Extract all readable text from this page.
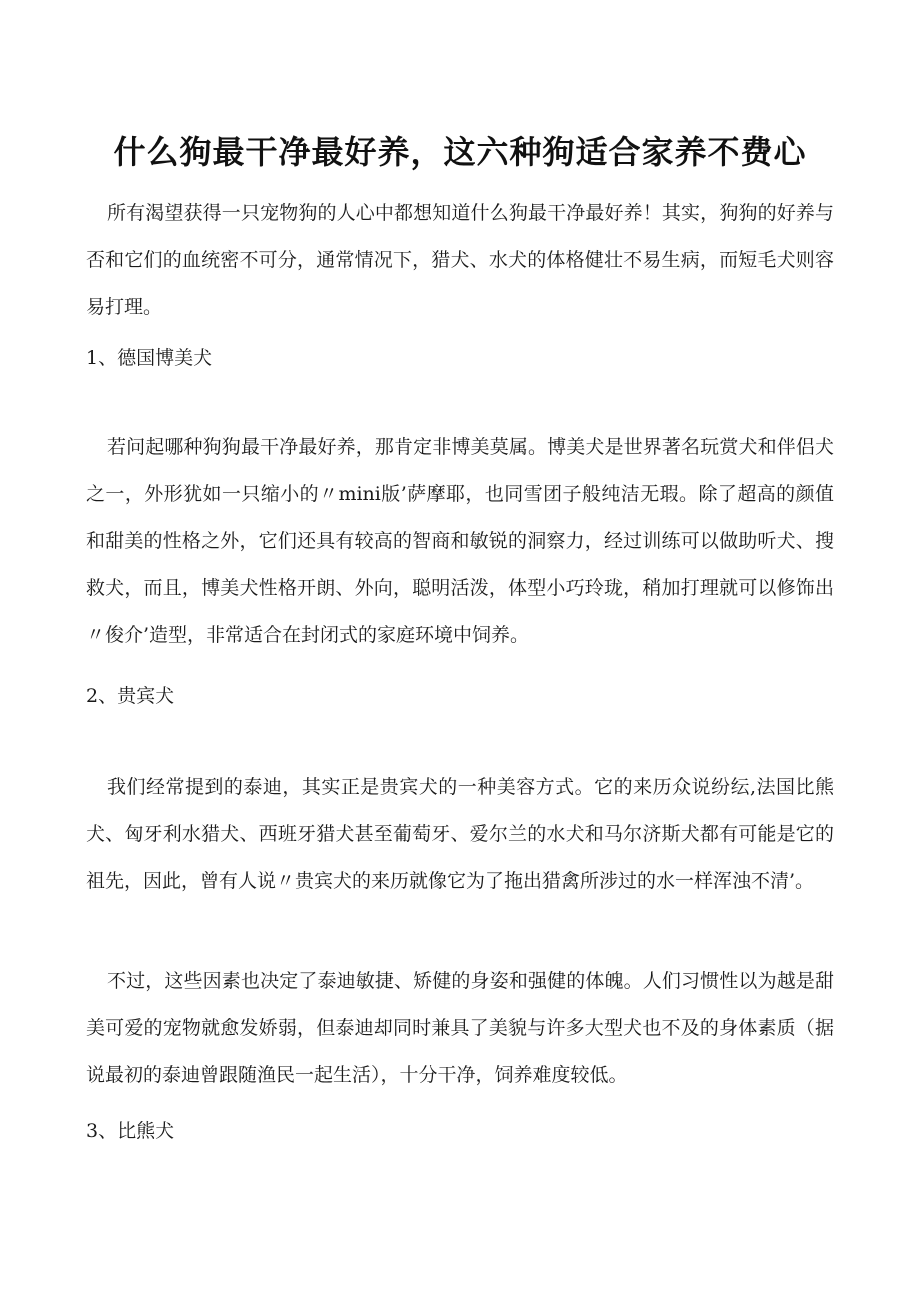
什么狗最干净最好养，这六种狗适合家养不费心

所有渴望获得一只宠物狗的人心中都想知道什么狗最干净最好养！其实，狗狗的好养与否和它们的血统密不可分，通常情况下，猎犬、水犬的体格健壮不易生病，而短毛犬则容易打理。

1、德国博美犬

若问起哪种狗狗最干净最好养，那肯定非博美莫属。博美犬是世界著名玩赏犬和伴侣犬之一，外形犹如一只缩小的〃mini版’萨摩耶，也同雪团子般纯洁无瑕。除了超高的颜值和甜美的性格之外，它们还具有较高的智商和敏锐的洞察力，经过训练可以做助听犬、搜救犬，而且，博美犬性格开朗、外向，聪明活泼，体型小巧玲珑，稍加打理就可以修饰出〃俊介’造型，非常适合在封闭式的家庭环境中饲养。

2、贵宾犬

我们经常提到的泰迪，其实正是贵宾犬的一种美容方式。它的来历众说纷纭,法国比熊犬、匈牙利水猎犬、西班牙猎犬甚至葡萄牙、爱尔兰的水犬和马尔济斯犬都有可能是它的祖先，因此，曾有人说〃贵宾犬的来历就像它为了拖出猎禽所涉过的水一样浑浊不清’。

不过，这些因素也决定了泰迪敏捷、矫健的身姿和强健的体魄。人们习惯性以为越是甜美可爱的宠物就愈发娇弱，但泰迪却同时兼具了美貌与许多大型犬也不及的身体素质（据说最初的泰迪曾跟随渔民一起生活），十分干净，饲养难度较低。

3、比熊犬
